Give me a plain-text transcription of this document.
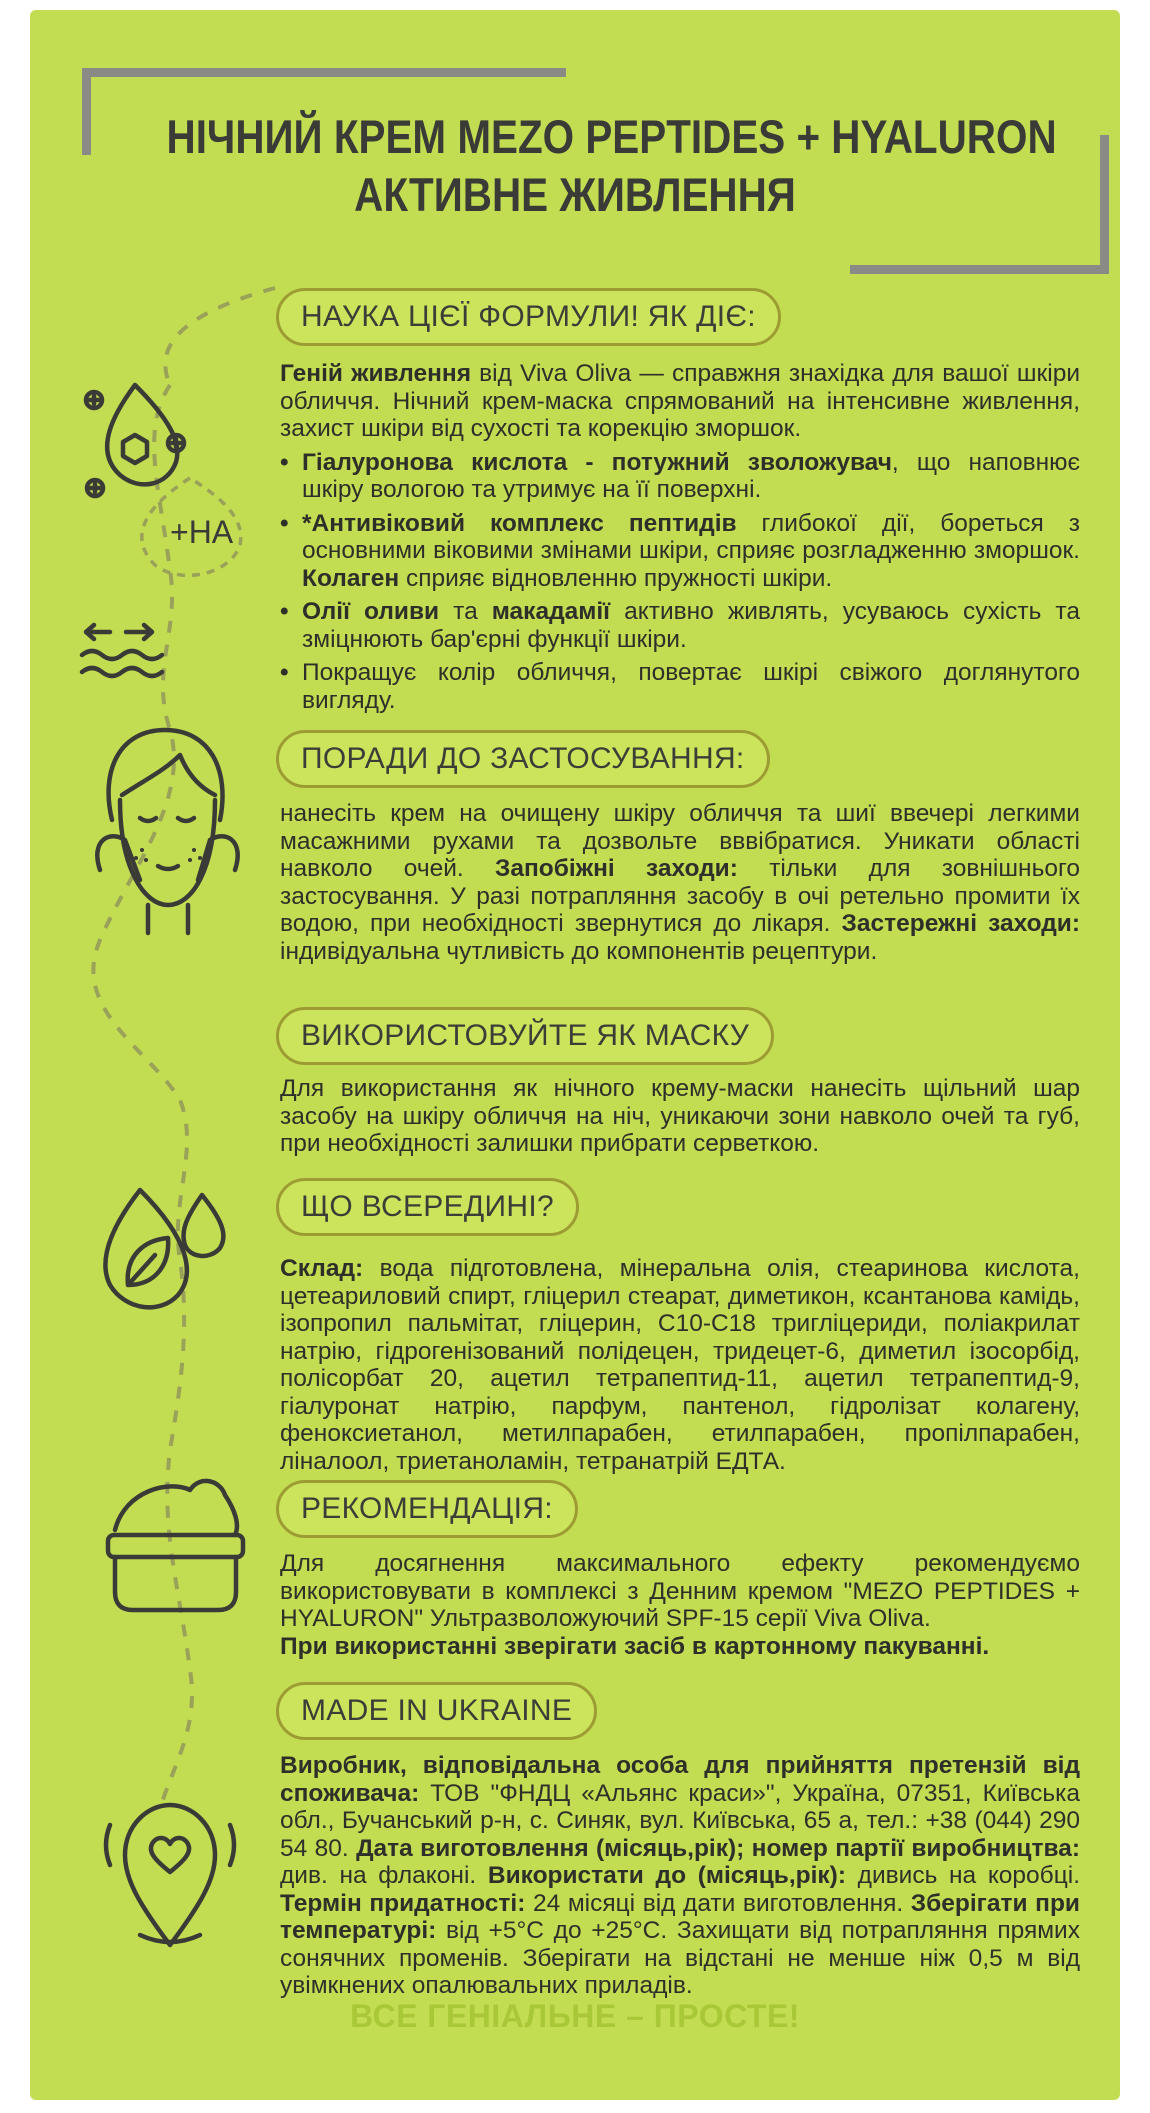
НІЧНИЙ КРЕМ MEZO PEPTIDES + HYALURON
АКТИВНЕ ЖИВЛЕННЯ
+HA
НАУКА ЦІЄЇ ФОРМУЛИ! ЯК ДІЄ:

Геній живлення від Viva Oliva — справжня знахідка для вашої шкіри обличчя. Нічний крем-маска спрямований на інтенсивне живлення, захист шкіри від сухості та корекцію зморшок.

• Гіалуронова кислота - потужний зволожувач, що наповнює шкіру вологою та утримує на її поверхні.

• *Антивіковий комплекс пептидів глибокої дії, бореться з основними віковими змінами шкіри, сприяє розгладженню зморшок. Колаген сприяє відновленню пружності шкіри.

• Олії оливи та макадамії активно живлять, усуваюсь сухість та зміцнюють бар'єрні функції шкіри.

• Покращує колір обличчя, повертає шкірі свіжого доглянутого вигляду.

ПОРАДИ ДО ЗАСТОСУВАННЯ:

нанесіть крем на очищену шкіру обличчя та шиї ввечері легкими масажними рухами та дозвольте вввібратися. Уникати області навколо очей. Запобіжні заходи: тільки для зовнішнього застосування. У разі потрапляння засобу в очі ретельно промити їх водою, при необхідності звернутися до лікаря. Застережні заходи: індивідуальна чутливість до компонентів рецептури.

ВИКОРИСТОВУЙТЕ ЯК МАСКУ

Для використання як нічного крему-маски нанесіть щільний шар засобу на шкіру обличчя на ніч, уникаючи зони навколо очей та губ, при необхідності залишки прибрати серветкою.

ЩО ВСЕРЕДИНІ?

Склад: вода підготовлена, мінеральна олія, стеаринова кислота, цетеариловий спирт, гліцерил стеарат, диметикон, ксантанова камідь, ізопропил пальмітат, гліцерин, C10-C18 тригліцериди, поліакрилат натрію, гідрогенізований полідецен, тридецет-6, диметил ізосорбід, полісорбат 20, ацетил тетрапептид-11, ацетил тетрапептид-9, гіалуронат натрію, парфум, пантенол, гідролізат колагену, феноксиетанол, метилпарабен, етилпарабен, пропілпарабен, ліналоол, триетаноламін, тетранатрій ЕДТА.

РЕКОМЕНДАЦІЯ:

Для досягнення максимального ефекту рекомендуємо використовувати в комплексі з Денним кремом "MEZO PEPTIDES + HYALURON" Ультразволожуючий SPF-15 серії Viva Oliva.

При використанні зверігати засіб в картонному пакуванні.

MADE IN UKRAINE

Виробник, відповідальна особа для прийняття претензій від споживача: ТОВ "ФНДЦ «Альянс краси»", Україна, 07351, Київська обл., Бучанський р-н, с. Синяк, вул. Київська, 65 а, тел.: +38 (044) 290 54 80. Дата виготовлення (місяць,рік); номер партії виробництва: див. на флаконі. Використати до (місяць,рік): дивись на коробці. Термін придатності: 24 місяці від дати виготовлення. Зберігати при температурі: від +5°С до +25°С. Захищати від потрапляння прямих сонячних променів. Зберігати на відстані не менше ніж 0,5 м від увімкнених опалювальних приладів.

ВСЕ ГЕНІАЛЬНЕ – ПРОСТЕ!
